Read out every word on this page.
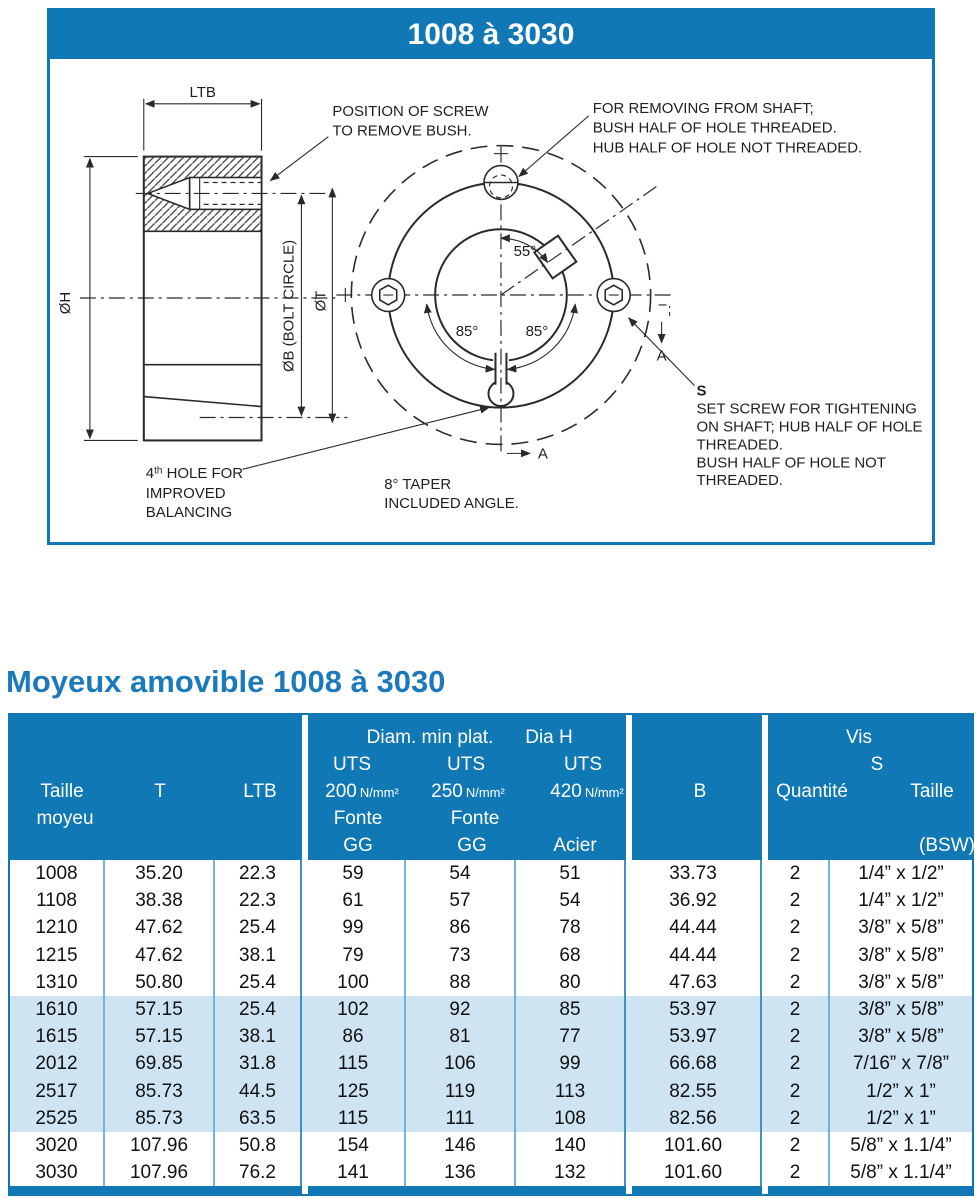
1008 à 3030
LTB
ØH	ØB (BOLT CIRCLE) ØT
55°
85°	85°
A
A
POSITION OF SCREW
TO REMOVE BUSH.
FOR REMOVING FROM SHAFT;
BUSH HALF OF HOLE THREADED.
HUB HALF OF HOLE NOT THREADED.
S
SET SCREW FOR TIGHTENING
ON SHAFT; HUB HALF OF HOLE
THREADED.
BUSH HALF OF HOLE NOT
THREADED.
4th HOLE FOR
IMPROVED
BALANCING
8° TAPER
INCLUDED ANGLE.
Moyeux amovible 1008 à 3030
Taille
moyeu
T	LTB
Diam. min plat. Dia H
UTS	UTS	UTS
200 N/mm² 250 N/mm² 420 N/mm²
Fonte	Fonte
GG	GG	Acier
B
Vis
S
Quantité	Taille
(BSW)
1008	35.20	22.3	59	54	51	33.73	2	1/4” x 1/2”
1108	38.38	22.3	61	57	54	36.92	2	1/4” x 1/2”
1210	47.62	25.4	99	86	78	44.44	2	3/8” x 5/8”
1215	47.62	38.1	79	73	68	44.44	2	3/8” x 5/8”
1310	50.80	25.4	100	88	80	47.63	2	3/8” x 5/8”
1610	57.15	25.4	102	92	85	53.97	2	3/8” x 5/8”
1615	57.15	38.1	86	81	77	53.97	2	3/8” x 5/8”
2012	69.85	31.8	115	106	99	66.68	2	7/16” x 7/8”
2517	85.73	44.5	125	119	113	82.55	2	1/2” x 1”
2525	85.73	63.5	115	111	108	82.56	2	1/2” x 1”
3020	107.96	50.8	154	146	140	101.60	2	5/8” x 1.1/4”
3030	107.96	76.2	141	136	132	101.60	2	5/8” x 1.1/4”
